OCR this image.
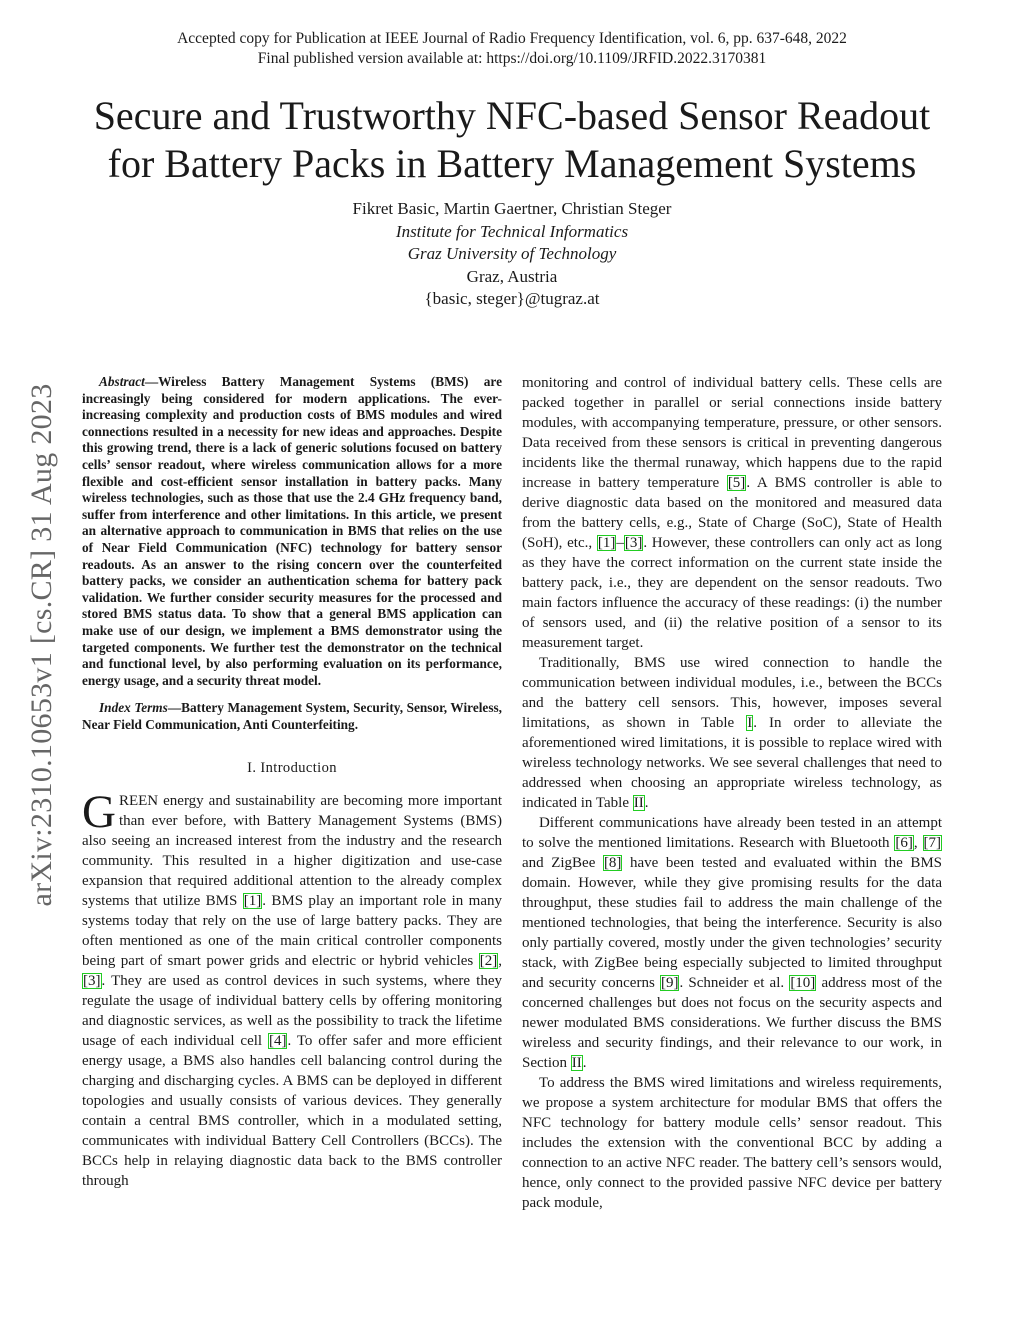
Accepted copy for Publication at IEEE Journal of Radio Frequency Identification, vol. 6, pp. 637-648, 2022
Final published version available at: https://doi.org/10.1109/JRFID.2022.3170381
Secure and Trustworthy NFC-based Sensor Readout
for Battery Packs in Battery Management Systems
Fikret Basic, Martin Gaertner, Christian Steger
Institute for Technical Informatics
Graz University of Technology
Graz, Austria
{basic, steger}@tugraz.at
arXiv:2310.10653v1 [cs.CR] 31 Aug 2023

Abstract—Wireless Battery Management Systems (BMS) are increasingly being considered for modern applications. The ever-increasing complexity and production costs of BMS modules and wired connections resulted in a necessity for new ideas and approaches. Despite this growing trend, there is a lack of generic solutions focused on battery cells’ sensor readout, where wireless communication allows for a more flexible and cost-efficient sensor installation in battery packs. Many wireless technologies, such as those that use the 2.4 GHz frequency band, suffer from interference and other limitations. In this article, we present an alternative approach to communication in BMS that relies on the use of Near Field Communication (NFC) technology for battery sensor readouts. As an answer to the rising concern over the counterfeited battery packs, we consider an authentication schema for battery pack validation. We further consider security measures for the processed and stored BMS status data. To show that a general BMS application can make use of our design, we implement a BMS demonstrator using the targeted components. We further test the demonstrator on the technical and functional level, by also performing evaluation on its performance, energy usage, and a security threat model.

Index Terms—Battery Management System, Security, Sensor, Wireless, Near Field Communication, Anti Counterfeiting.

I. Introduction

GREEN energy and sustainability are becoming more important than ever before, with Battery Management Systems (BMS) also seeing an increased interest from the industry and the research community. This resulted in a higher digitization and use-case expansion that required additional attention to the already complex systems that utilize BMS [1]. BMS play an important role in many systems today that rely on the use of large battery packs. They are often mentioned as one of the main critical controller components being part of smart power grids and electric or hybrid vehicles [2], [3]. They are used as control devices in such systems, where they regulate the usage of individual battery cells by offering monitoring and diagnostic services, as well as the possibility to track the lifetime usage of each individual cell [4]. To offer safer and more efficient energy usage, a BMS also handles cell balancing control during the charging and discharging cycles. A BMS can be deployed in different topologies and usually consists of various devices. They generally contain a central BMS controller, which in a modulated setting, communicates with individual Battery Cell Controllers (BCCs). The BCCs help in relaying diagnostic data back to the BMS controller through

monitoring and control of individual battery cells. These cells are packed together in parallel or serial connections inside battery modules, with accompanying temperature, pressure, or other sensors. Data received from these sensors is critical in preventing dangerous incidents like the thermal runaway, which happens due to the rapid increase in battery temperature [5]. A BMS controller is able to derive diagnostic data based on the monitored and measured data from the battery cells, e.g., State of Charge (SoC), State of Health (SoH), etc., [1]–[3]. However, these controllers can only act as long as they have the correct information on the current state inside the battery pack, i.e., they are dependent on the sensor readouts. Two main factors influence the accuracy of these readings: (i) the number of sensors used, and (ii) the relative position of a sensor to its measurement target.

Traditionally, BMS use wired connection to handle the communication between individual modules, i.e., between the BCCs and the battery cell sensors. This, however, imposes several limitations, as shown in Table I. In order to alleviate the aforementioned wired limitations, it is possible to replace wired with wireless technology networks. We see several challenges that need to addressed when choosing an appropriate wireless technology, as indicated in Table II.

Different communications have already been tested in an attempt to solve the mentioned limitations. Research with Bluetooth [6], [7] and ZigBee [8] have been tested and evaluated within the BMS domain. However, while they give promising results for the data throughput, these studies fail to address the main challenge of the mentioned technologies, that being the interference. Security is also only partially covered, mostly under the given technologies’ security stack, with ZigBee being especially subjected to limited throughput and security concerns [9]. Schneider et al. [10] address most of the concerned challenges but does not focus on the security aspects and newer modulated BMS considerations. We further discuss the BMS wireless and security findings, and their relevance to our work, in Section II.

To address the BMS wired limitations and wireless requirements, we propose a system architecture for modular BMS that offers the NFC technology for battery module cells’ sensor readout. This includes the extension with the conventional BCC by adding a connection to an active NFC reader. The battery cell’s sensors would, hence, only connect to the provided passive NFC device per battery pack module,
